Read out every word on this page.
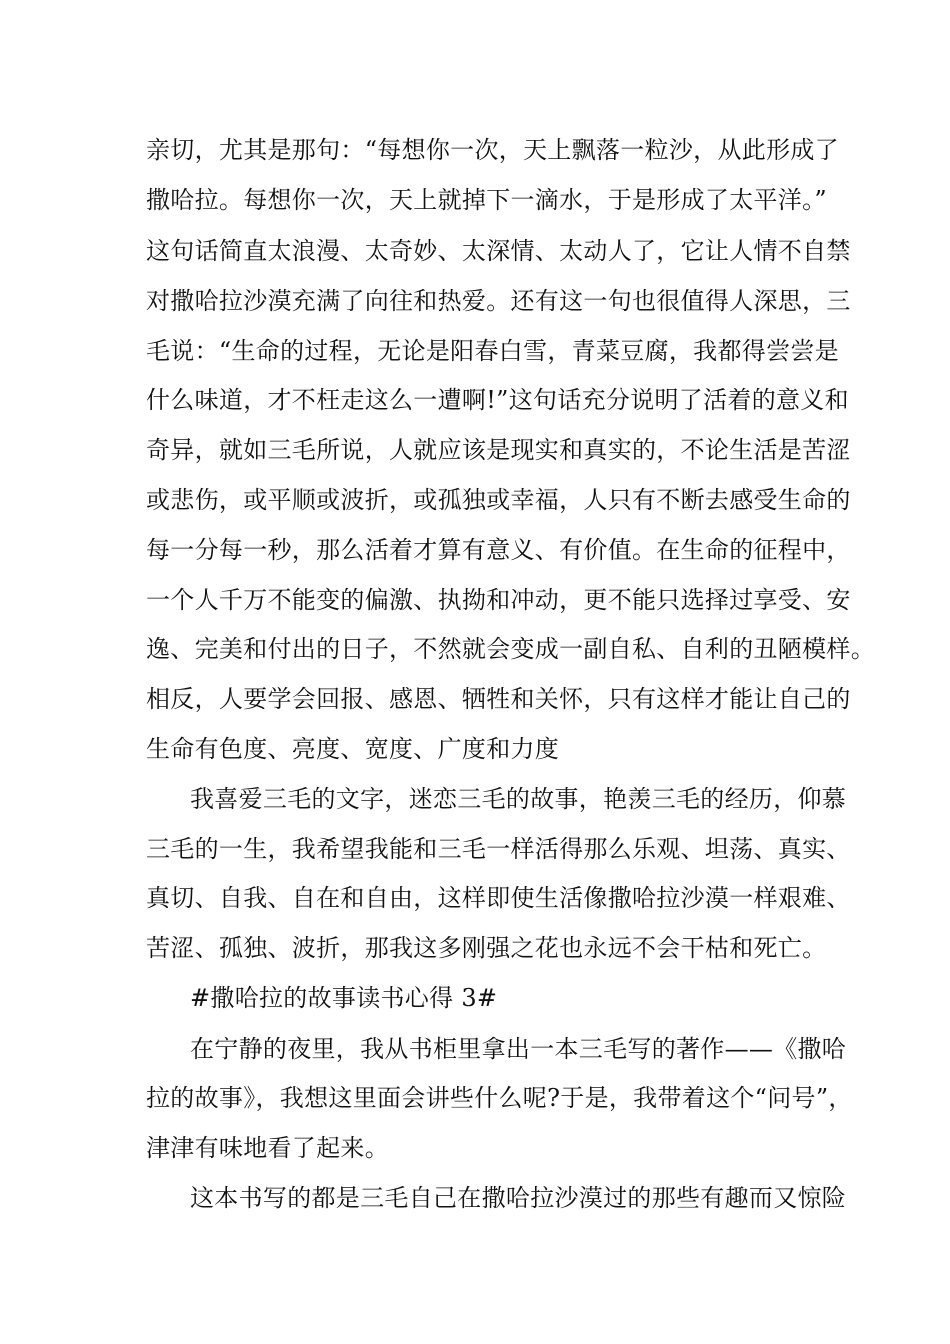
亲切，尤其是那句：“每想你一次，天上飘落一粒沙，从此形成了
撒哈拉。每想你一次，天上就掉下一滴水，于是形成了太平洋。”
这句话简直太浪漫、太奇妙、太深情、太动人了，它让人情不自禁
对撒哈拉沙漠充满了向往和热爱。还有这一句也很值得人深思，三
毛说：“生命的过程，无论是阳春白雪，青菜豆腐，我都得尝尝是
什么味道，才不枉走这么一遭啊!”这句话充分说明了活着的意义和
奇异，就如三毛所说，人就应该是现实和真实的，不论生活是苦涩
或悲伤，或平顺或波折，或孤独或幸福，人只有不断去感受生命的
每一分每一秒，那么活着才算有意义、有价值。在生命的征程中，
一个人千万不能变的偏激、执拗和冲动，更不能只选择过享受、安
逸、完美和付出的日子，不然就会变成一副自私、自利的丑陋模样。
相反，人要学会回报、感恩、牺牲和关怀，只有这样才能让自己的
生命有色度、亮度、宽度、广度和力度
我喜爱三毛的文字，迷恋三毛的故事，艳羡三毛的经历，仰慕
三毛的一生，我希望我能和三毛一样活得那么乐观、坦荡、真实、
真切、自我、自在和自由，这样即使生活像撒哈拉沙漠一样艰难、
苦涩、孤独、波折，那我这多刚强之花也永远不会干枯和死亡。
#撒哈拉的故事读书心得 3#
在宁静的夜里，我从书柜里拿出一本三毛写的著作——《撒哈
拉的故事》，我想这里面会讲些什么呢?于是，我带着这个“问号”，
津津有味地看了起来。
这本书写的都是三毛自己在撒哈拉沙漠过的那些有趣而又惊险
